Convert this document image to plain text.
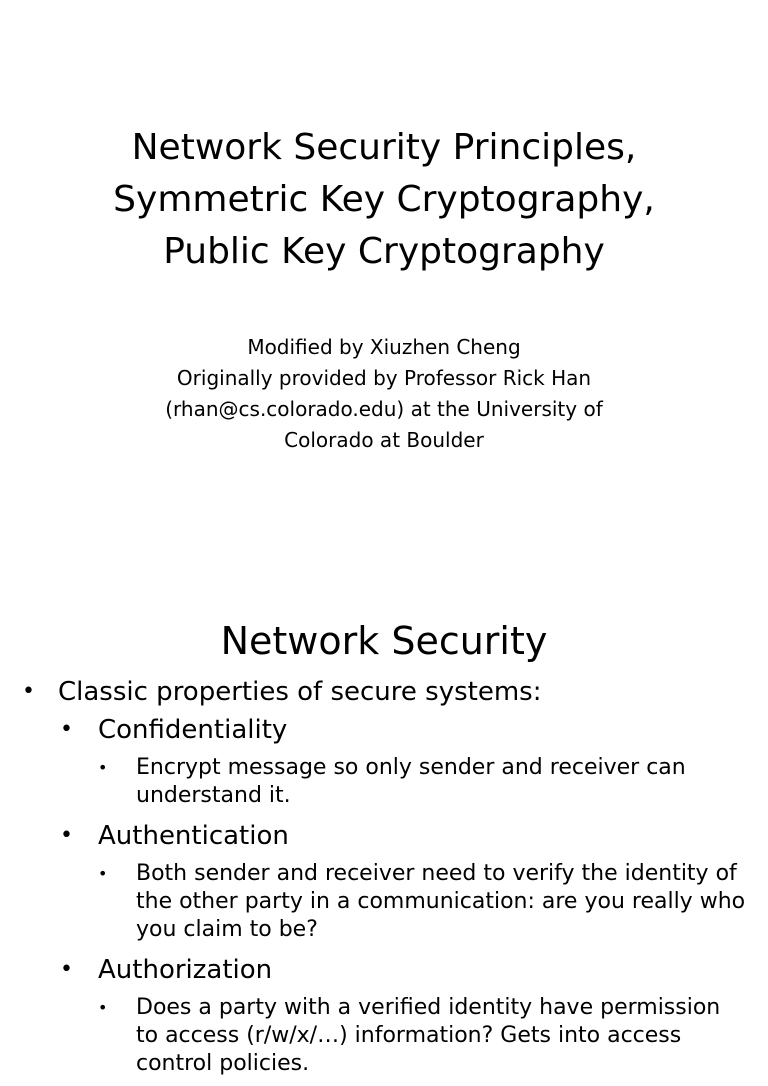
Network Security Principles,
Symmetric Key Cryptography,
Public Key Cryptography
Modified by Xiuzhen Cheng
Originally provided by Professor Rick Han
(rhan@cs.colorado.edu) at the University of
Colorado at Boulder
Network Security
• Classic properties of secure systems:
• Confidentiality
• Encrypt message so only sender and receiver can understand it.
• Authentication
• Both sender and receiver need to verify the identity of the other party in a communication: are you really who you claim to be?
• Authorization
• Does a party with a verified identity have permission to access (r/w/x/…) information? Gets into access control policies.
